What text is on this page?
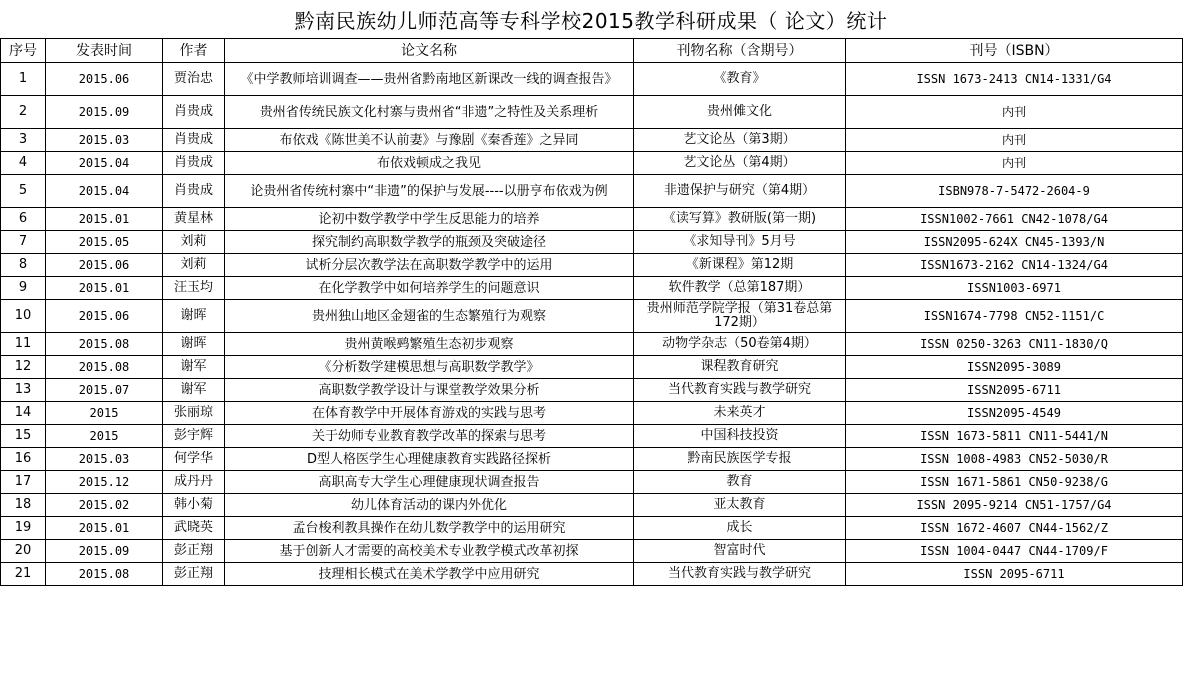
黔南民族幼儿师范高等专科学校2015教学科研成果（ 论文）统计
序号	发表时间	作者	论文名称	刊物名称（含期号）	刊号（ISBN）
1	2015.06	贾治忠	《中学教师培训调查——贵州省黔南地区新课改一线的调查报告》	《教育》	ISSN 1673-2413 CN14-1331/G4
2	2015.09	肖贵成	贵州省传统民族文化村寨与贵州省“非遗”之特性及关系理析	贵州傩文化	内刊
3	2015.03	肖贵成	布依戏《陈世美不认前妻》与豫剧《秦香莲》之异同	艺文论丛（第3期）	内刊
4	2015.04	肖贵成	布依戏顿成之我见	艺文论丛（第4期）	内刊
5	2015.04	肖贵成	论贵州省传统村寨中“非遗”的保护与发展----以册亨布依戏为例	非遗保护与研究（第4期）	ISBN978-7-5472-2604-9
6	2015.01	黄星林	论初中数学教学中学生反思能力的培养	《读写算》教研版(第一期)	ISSN1002-7661 CN42-1078/G4
7	2015.05	刘莉	探究制约高职数学教学的瓶颈及突破途径	《求知导刊》5月号	ISSN2095-624X CN45-1393/N
8	2015.06	刘莉	试析分层次教学法在高职数学教学中的运用	《新课程》第12期	ISSN1673-2162 CN14-1324/G4
9	2015.01	汪玉均	在化学教学中如何培养学生的问题意识	软件教学（总第187期）	ISSN1003-6971
10	2015.06	谢晖	贵州独山地区金翅雀的生态繁殖行为观察	贵州师范学院学报（第31卷总第172期）	ISSN1674-7798 CN52-1151/C
11	2015.08	谢晖	贵州黄喉鹀繁殖生态初步观察	动物学杂志（50卷第4期）	ISSN 0250-3263 CN11-1830/Q
12	2015.08	谢军	《分析数学建模思想与高职数学教学》	课程教育研究	ISSN2095-3089
13	2015.07	谢军	高职数学教学设计与课堂教学效果分析	当代教育实践与教学研究	ISSN2095-6711
14	2015	张丽琼	在体育教学中开展体育游戏的实践与思考	未来英才	ISSN2095-4549
15	2015	彭宇辉	关于幼师专业教育教学改革的探索与思考	中国科技投资	ISSN 1673-5811 CN11-5441/N
16	2015.03	何学华	D型人格医学生心理健康教育实践路径探析	黔南民族医学专报	ISSN 1008-4983 CN52-5030/R
17	2015.12	成丹丹	高职高专大学生心理健康现状调查报告	教育	ISSN 1671-5861 CN50-9238/G
18	2015.02	韩小菊	幼儿体育活动的课内外优化	亚太教育	ISSN 2095-9214 CN51-1757/G4
19	2015.01	武晓英	孟台梭利教具操作在幼儿数学教学中的运用研究	成长	ISSN 1672-4607 CN44-1562/Z
20	2015.09	彭正翔	基于创新人才需要的高校美术专业教学模式改革初探	智富时代	ISSN 1004-0447 CN44-1709/F
21	2015.08	彭正翔	技理相长模式在美术学教学中应用研究	当代教育实践与教学研究	ISSN 2095-6711
